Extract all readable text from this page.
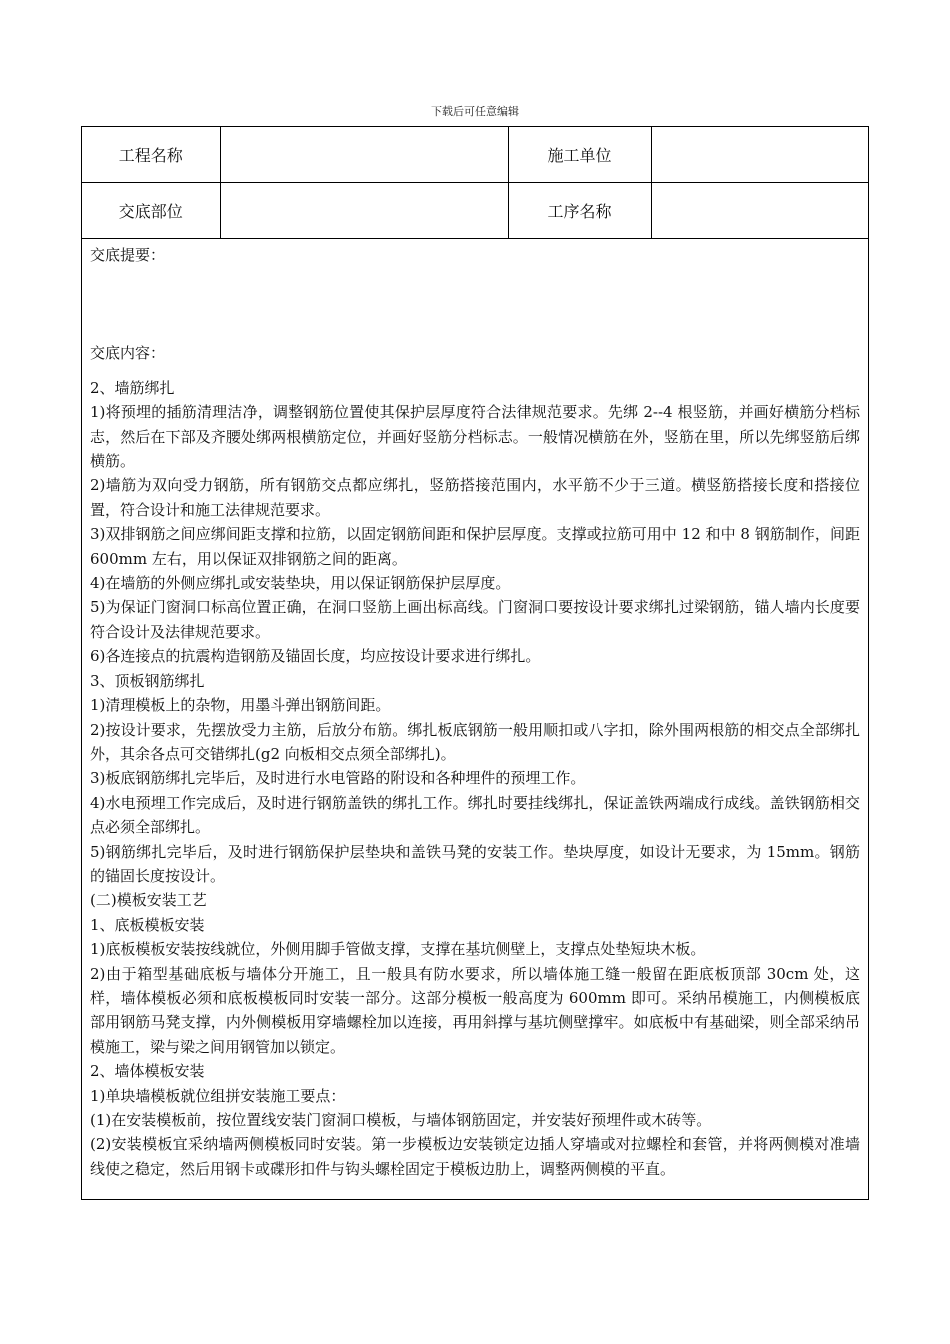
下载后可任意编辑
工程名称		施工单位	
交底部位		工序名称	

交底提要：

交底内容：

2、墙筋绑扎

1)将预埋的插筋清理洁净，调整钢筋位置使其保护层厚度符合法律规范要求。先绑 2--4 根竖筋，并画好横筋分档标志，然后在下部及齐腰处绑两根横筋定位，并画好竖筋分档标志。一般情况横筋在外，竖筋在里，所以先绑竖筋后绑横筋。

2)墙筋为双向受力钢筋，所有钢筋交点都应绑扎，竖筋搭接范围内，水平筋不少于三道。横竖筋搭接长度和搭接位置，符合设计和施工法律规范要求。

3)双排钢筋之间应绑间距支撑和拉筋，以固定钢筋间距和保护层厚度。支撑或拉筋可用中 12 和中 8 钢筋制作，间距 600mm 左右，用以保证双排钢筋之间的距离。

4)在墙筋的外侧应绑扎或安装垫块，用以保证钢筋保护层厚度。

5)为保证门窗洞口标高位置正确，在洞口竖筋上画出标高线。门窗洞口要按设计要求绑扎过梁钢筋，锚人墙内长度要符合设计及法律规范要求。

6)各连接点的抗震构造钢筋及锚固长度，均应按设计要求进行绑扎。

3、顶板钢筋绑扎

1)清理模板上的杂物，用墨斗弹出钢筋间距。

2)按设计要求，先摆放受力主筋，后放分布筋。绑扎板底钢筋一般用顺扣或八字扣，除外围两根筋的相交点全部绑扎外，其余各点可交错绑扎(g2 向板相交点须全部绑扎)。

3)板底钢筋绑扎完毕后，及时进行水电管路的附设和各种埋件的预埋工作。

4)水电预埋工作完成后，及时进行钢筋盖铁的绑扎工作。绑扎时要挂线绑扎，保证盖铁两端成行成线。盖铁钢筋相交点必须全部绑扎。

5)钢筋绑扎完毕后，及时进行钢筋保护层垫块和盖铁马凳的安装工作。垫块厚度，如设计无要求，为 15mm。钢筋的锚固长度按设计。

(二)模板安装工艺

1、底板模板安装

1)底板模板安装按线就位，外侧用脚手管做支撑，支撑在基坑侧壁上，支撑点处垫短块木板。

2)由于箱型基础底板与墙体分开施工，且一般具有防水要求，所以墙体施工缝一般留在距底板顶部 30cm 处，这样，墙体模板必须和底板模板同时安装一部分。这部分模板一般高度为 600mm 即可。采纳吊模施工，内侧模板底部用钢筋马凳支撑，内外侧模板用穿墙螺栓加以连接，再用斜撑与基坑侧壁撑牢。如底板中有基础梁，则全部采纳吊模施工，梁与梁之间用钢管加以锁定。

2、墙体模板安装

1)单块墙模板就位组拼安装施工要点：

(1)在安装模板前，按位置线安装门窗洞口模板，与墙体钢筋固定，并安装好预埋件或木砖等。

(2)安装模板宜采纳墙两侧模板同时安装。第一步模板边安装锁定边插人穿墙或对拉螺栓和套管，并将两侧模对准墙线使之稳定，然后用钢卡或碟形扣件与钩头螺栓固定于模板边肋上，调整两侧模的平直。
